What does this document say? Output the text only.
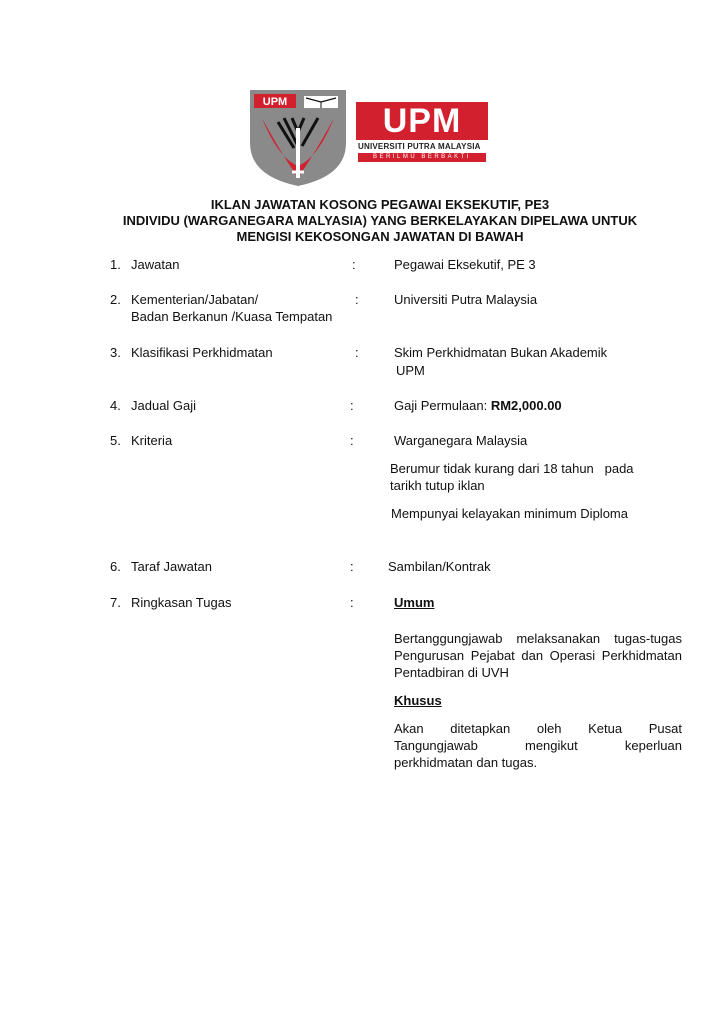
UPM	UPM
UNIVERSITI PUTRA MALAYSIA
BERILMU BERBAKTI
IKLAN JAWATAN KOSONG PEGAWAI EKSEKUTIF, PE3
INDIVIDU (WARGANEGARA MALYASIA) YANG BERKELAYAKAN DIPELAWA UNTUK
MENGISI KEKOSONGAN JAWATAN DI BAWAH
1. Jawatan	:	Pegawai Eksekutif, PE 3
2. Kementerian/Jabatan/
Badan Berkanun /Kuasa Tempatan
:	Universiti Putra Malaysia
3. Klasifikasi Perkhidmatan	:	Skim Perkhidmatan Bukan Akademik
UPM
4. Jadual Gaji	:	Gaji Permulaan: RM2,000.00
5. Kriteria	:	Warganegara Malaysia
Berumur tidak kurang dari 18 tahun   pada
tarikh tutup iklan
Mempunyai kelayakan minimum Diploma
6. Taraf Jawatan	:	Sambilan/Kontrak
7. Ringkasan Tugas	:	Umum
Bertanggungjawab melaksanakan tugas-tugas
Pengurusan Pejabat dan Operasi Perkhidmatan
Pentadbiran di UVH
Khusus
Akan ditetapkan oleh Ketua Pusat
Tangungjawab mengikut keperluan
perkhidmatan dan tugas.
